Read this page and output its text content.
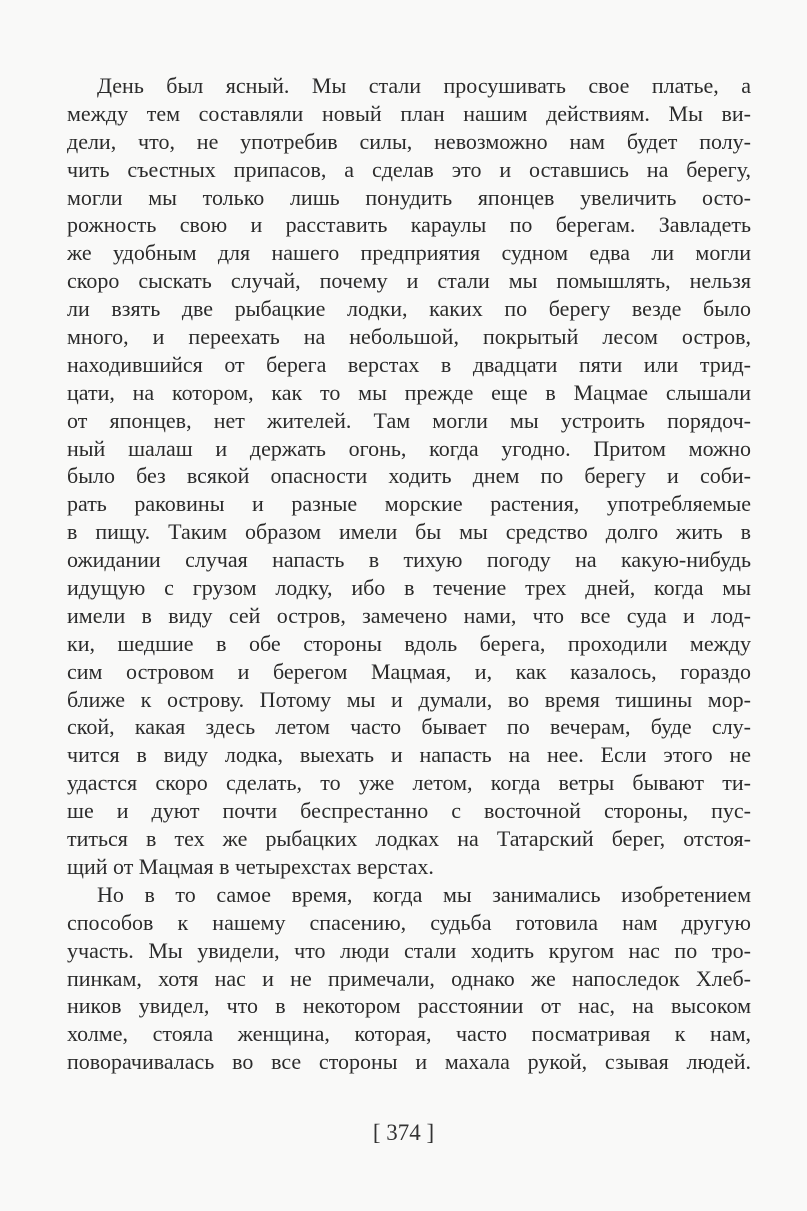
День был ясный. Мы стали просушивать свое платье, а
между тем составляли новый план нашим действиям. Мы ви-
дели, что, не употребив силы, невозможно нам будет полу-
чить съестных припасов, а сделав это и оставшись на берегу,
могли мы только лишь понудить японцев увеличить осто-
рожность свою и расставить караулы по берегам. Завладеть
же удобным для нашего предприятия судном едва ли могли
скоро сыскать случай, почему и стали мы помышлять, нельзя
ли взять две рыбацкие лодки, каких по берегу везде было
много, и переехать на небольшой, покрытый лесом остров,
находившийся от берега верстах в двадцати пяти или трид-
цати, на котором, как то мы прежде еще в Мацмае слышали
от японцев, нет жителей. Там могли мы устроить порядоч-
ный шалаш и держать огонь, когда угодно. Притом можно
было без всякой опасности ходить днем по берегу и соби-
рать раковины и разные морские растения, употребляемые
в пищу. Таким образом имели бы мы средство долго жить в
ожидании случая напасть в тихую погоду на какую-нибудь
идущую с грузом лодку, ибо в течение трех дней, когда мы
имели в виду сей остров, замечено нами, что все суда и лод-
ки, шедшие в обе стороны вдоль берега, проходили между
сим островом и берегом Мацмая, и, как казалось, гораздо
ближе к острову. Потому мы и думали, во время тишины мор-
ской, какая здесь летом часто бывает по вечерам, буде слу-
чится в виду лодка, выехать и напасть на нее. Если этого не
удастся скоро сделать, то уже летом, когда ветры бывают ти-
ше и дуют почти беспрестанно с восточной стороны, пус-
титься в тех же рыбацких лодках на Татарский берег, отстоя-
щий от Мацмая в четырехстах верстах.
Но в то самое время, когда мы занимались изобретением
способов к нашему спасению, судьба готовила нам другую
участь. Мы увидели, что люди стали ходить кругом нас по тро-
пинкам, хотя нас и не примечали, однако же напоследок Хлеб-
ников увидел, что в некотором расстоянии от нас, на высоком
холме, стояла женщина, которая, часто посматривая к нам,
поворачивалась во все стороны и махала рукой, сзывая людей.
[ 374 ]
